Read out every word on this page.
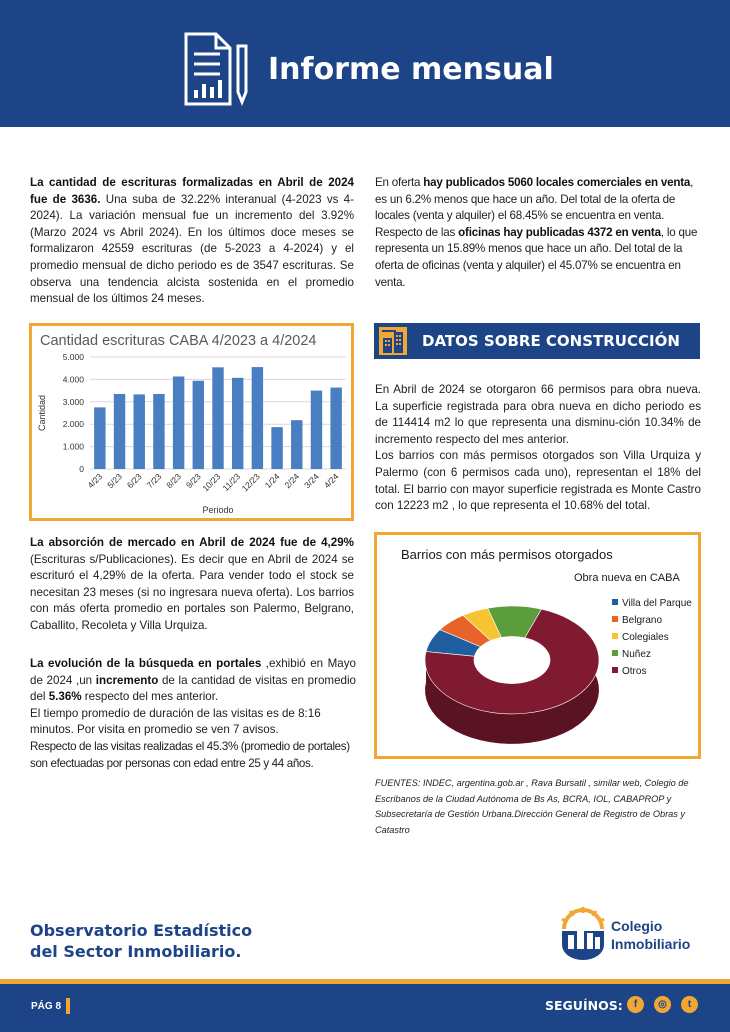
Informe mensual

La cantidad de escrituras formalizadas en Abril de 2024 fue de 3636. Una suba de 32.22% interanual (4-2023 vs 4-2024). La variación mensual fue un incremento del 3.92% (Marzo 2024 vs Abril 2024). En los últimos doce meses se formalizaron 42559 escrituras (de 5-2023 a 4-2024) y el promedio mensual de dicho periodo es de 3547 escrituras. Se observa una tendencia alcista sostenida en el promedio mensual de los últimos 24 meses.

Cantidad escrituras CABA 4/2023 a 4/2024
0
1.000
2.000
3.000
4.000
5.000
4/23 5/23 6/23 7/23 8/23 9/23
10/23
11/23
12/23 1/24 2/24 3/24 4/24
Periodo
Cantidad

La absorción de mercado en Abril de 2024 fue de 4,29% (Escrituras s/Publicaciones). Es decir que en Abril de 2024 se escrituró el 4,29% de la oferta. Para vender todo el stock se necesitan 23 meses (si no ingresara nueva oferta). Los barrios con más oferta promedio en portales son Palermo, Belgrano, Caballito, Recoleta y Villa Urquiza.

La evolución de la búsqueda en portales ,exhibió en Mayo de 2024 ,un incremento de la cantidad de visitas en promedio del 5.36% respecto del mes anterior.

El tiempo promedio de duración de las visitas es de 8:16 minutos. Por visita en promedio se ven 7 avisos.

Respecto de las visitas realizadas el 45.3% (promedio de portales) son efectuadas por personas con edad entre 25 y 44 años.

En oferta hay publicados 5060 locales comerciales en venta, es un 6.2% menos que hace un año. Del total de la oferta de locales (venta y alquiler) el 68.45% se encuentra en venta.

Respecto de las oficinas hay publicadas 4372 en venta, lo que representa un 15.89% menos que hace un año. Del total de la oferta de oficinas (venta y alquiler) el 45.07% se encuentra en venta.

DATOS SOBRE CONSTRUCCIÓN

En Abril de 2024 se otorgaron 66 permisos para obra nueva. La superficie registrada para obra nueva en dicho periodo es de 114414 m2 lo que representa una disminu-ción 10.34% de incremento respecto del mes anterior.

Los barrios con más permisos otorgados son Villa Urquiza y Palermo (con 6 permisos cada uno), representan el 18% del total. El barrio con mayor superficie registrada es Monte Castro con 12223 m2 , lo que representa el 10.68% del total.

Barrios con más permisos otorgados
Obra nueva en CABA
Villa del Parque
Belgrano
Colegiales
Nuñez
Otros
FUENTES: INDEC, argentina.gob.ar , Rava Bursatil , similar web, Colegio de Escribanos de la Ciudad Autónoma de Bs As, BCRA, IOL, CABAPROP y Subsecretaría de Gestión Urbana.Dirección General de Registro de Obras y Catastro
Observatorio Estadístico
del Sector Inmobiliario.
Colegio
Inmobiliario
PÁG 8	SEGUÍNOS:	f	◎	t
